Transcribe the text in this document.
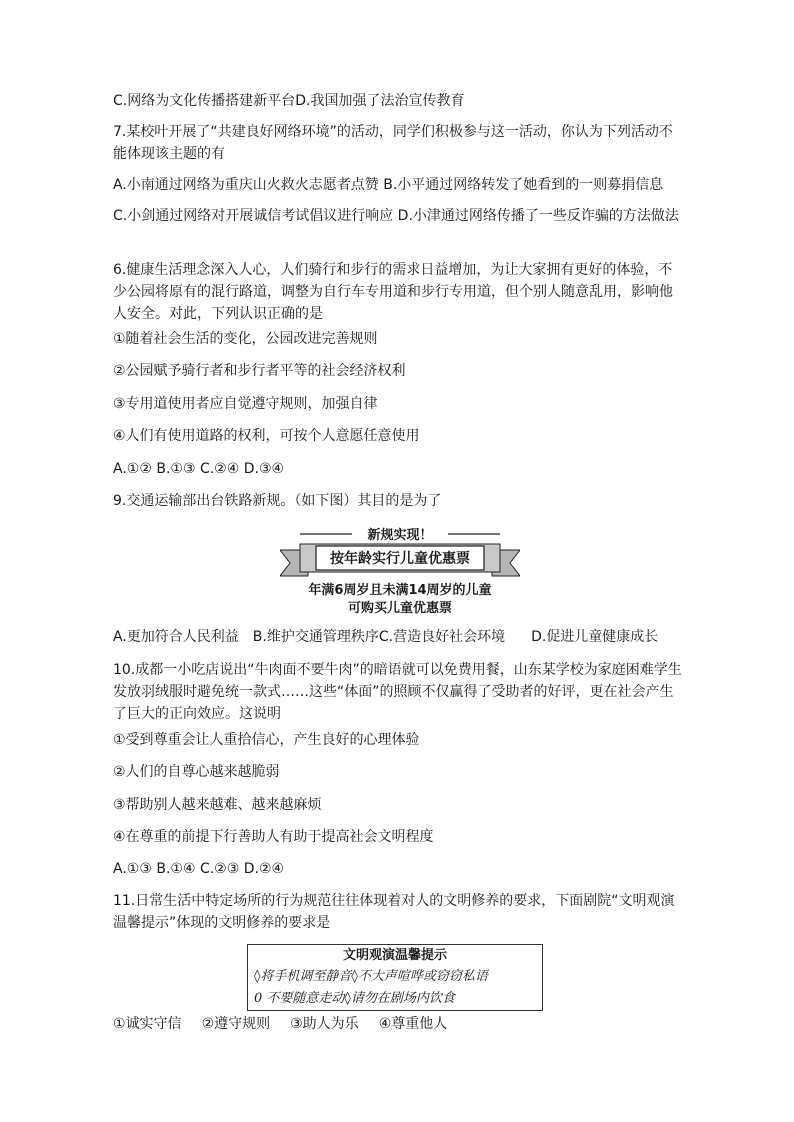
C.网络为文化传播搭建新平台D.我国加强了法治宣传教育
7.某校叶开展了“共建良好网络环境”的活动，同学们积极参与这一活动，你认为下列活动不能体现该主题的有
A.小南通过网络为重庆山火救火志愿者点赞 B.小平通过网络转发了她看到的一则募捐信息
C.小剑通过网络对开展诚信考试倡议进行响应 D.小津通过网络传播了一些反诈骗的方法做法
6.健康生活理念深入人心，人们骑行和步行的需求日益增加，为让大家拥有更好的体验，不少公园将原有的混行路道，调整为自行车专用道和步行专用道，但个别人随意乱用，影响他人安全。对此，下列认识正确的是
①随着社会生活的变化，公园改进完善规则
②公园赋予骑行者和步行者平等的社会经济权利
③专用道使用者应自觉遵守规则，加强自律
④人们有使用道路的权利，可按个人意愿任意使用
A.①② B.①③ C.②④ D.③④
9.交通运输部出台铁路新规。（如下图）其目的是为了
新规实现！
按年龄实行儿童优惠票
年满6周岁且未满14周岁的儿童
可购买儿童优惠票
A.更加符合人民利益 B.维护交通管理秩序C.营造良好社会环境 D.促进儿童健康成长
10.成都一小吃店说出“牛肉面不要牛肉”的暗语就可以免费用餐，山东某学校为家庭困难学生发放羽绒服时避免统一款式……这些“体面”的照顾不仅赢得了受助者的好评，更在社会产生了巨大的正向效应。这说明
①受到尊重会让人重拾信心，产生良好的心理体验
②人们的自尊心越来越脆弱
③帮助别人越来越难、越来越麻烦
④在尊重的前提下行善助人有助于提高社会文明程度
A.①③ B.①④ C.②③ D.②④
11.日常生活中特定场所的行为规范往往体现着对人的文明修养的要求，下面剧院“文明观演温馨提示”体现的文明修养的要求是
文明观演温馨提示
◊将手机调至静音◊不大声喧哗或窃窃私语
0 不要随意走动◊请勿在剧场内饮食
①诚实守信 ②遵守规则 ③助人为乐 ④尊重他人
